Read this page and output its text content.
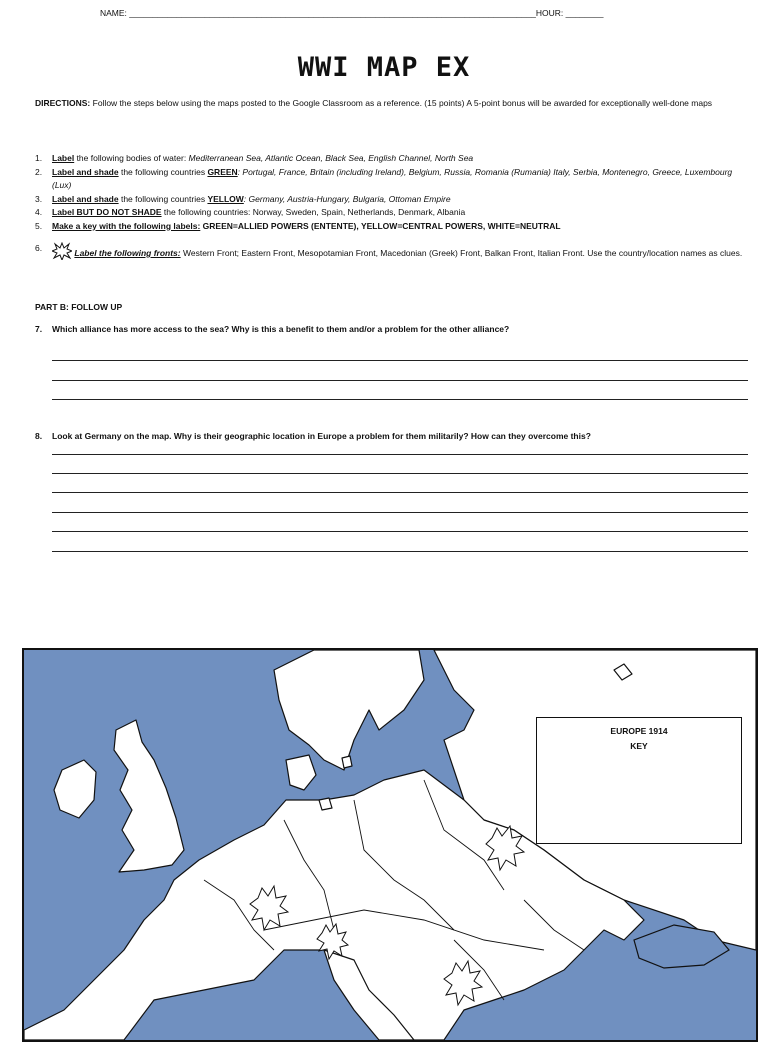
NAME: ______________________________________________________________________________________HOUR: ________
WWI MAP EX
DIRECTIONS: Follow the steps below using the maps posted to the Google Classroom as a reference. (15 points) A 5-point bonus will be awarded for exceptionally well-done maps
1. Label the following bodies of water: Mediterranean Sea, Atlantic Ocean, Black Sea, English Channel, North Sea
2. Label and shade the following countries GREEN: Portugal, France, Britain (including Ireland), Belgium, Russia, Romania (Rumania) Italy, Serbia, Montenegro, Greece, Luxembourg (Lux)
3. Label and shade the following countries YELLOW: Germany, Austria-Hungary, Bulgaria, Ottoman Empire
4. Label BUT DO NOT SHADE the following countries: Norway, Sweden, Spain, Netherlands, Denmark, Albania
5. Make a key with the following labels: GREEN=ALLIED POWERS (ENTENTE), YELLOW=CENTRAL POWERS, WHITE=NEUTRAL
6.	Label the following fronts: Western Front; Eastern Front, Mesopotamian Front, Macedonian (Greek) Front, Balkan Front, Italian Front. Use the country/location names as clues.
PART B: FOLLOW UP
7. Which alliance has more access to the sea? Why is this a benefit to them and/or a problem for the other alliance?
8. Look at Germany on the map. Why is their geographic location in Europe a problem for them militarily? How can they overcome this?
EUROPE 1914
KEY
